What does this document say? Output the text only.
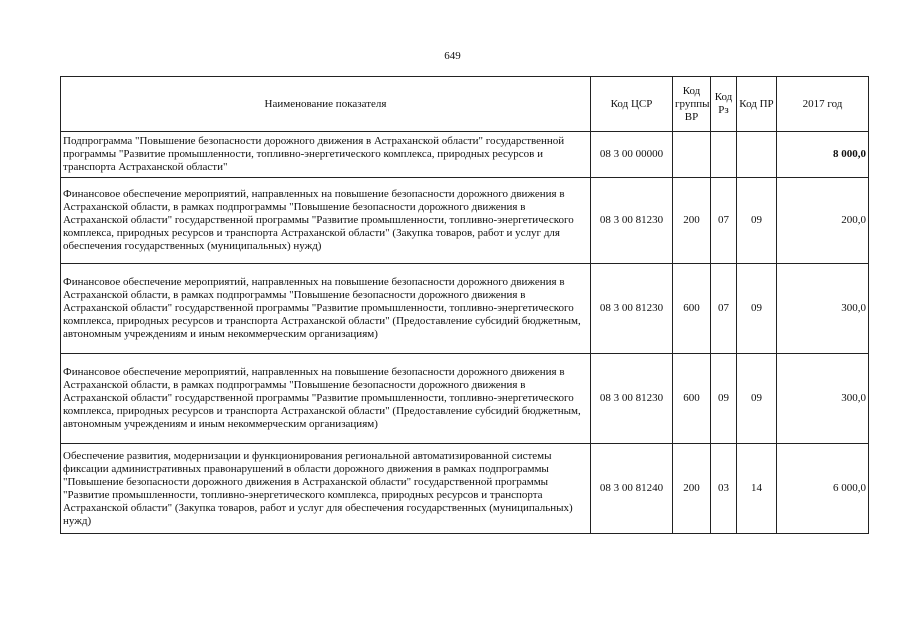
649
Наименование показателя	Код ЦСР	Код группы ВР	Код Рз	Код ПР	2017 год
Подпрограмма "Повышение безопасности дорожного движения в Астраханской области" государственной программы "Развитие промышленности, топливно-энергетического комплекса, природных ресурсов и транспорта Астраханской области"	08 3 00 00000				8 000,0
Финансовое обеспечение мероприятий, направленных на повышение безопасности дорожного движения в Астраханской области, в рамках подпрограммы "Повышение безопасности дорожного движения в Астраханской области" государственной программы "Развитие промышленности, топливно-энергетического комплекса, природных ресурсов и транспорта Астраханской области" (Закупка товаров, работ и услуг для обеспечения государственных (муниципальных) нужд)	08 3 00 81230	200	07	09	200,0
Финансовое обеспечение мероприятий, направленных на повышение безопасности дорожного движения в Астраханской области, в рамках подпрограммы "Повышение безопасности дорожного движения в Астраханской области" государственной программы "Развитие промышленности, топливно-энергетического комплекса, природных ресурсов и транспорта Астраханской области" (Предоставление субсидий бюджетным, автономным учреждениям и иным некоммерческим организациям)	08 3 00 81230	600	07	09	300,0
Финансовое обеспечение мероприятий, направленных на повышение безопасности дорожного движения в Астраханской области, в рамках подпрограммы "Повышение безопасности дорожного движения в Астраханской области" государственной программы "Развитие промышленности, топливно-энергетического комплекса, природных ресурсов и транспорта Астраханской области" (Предоставление субсидий бюджетным, автономным учреждениям и иным некоммерческим организациям)	08 3 00 81230	600	09	09	300,0
Обеспечение развития, модернизации и функционирования региональной автоматизированной системы фиксации административных правонарушений в области дорожного движения в рамках подпрограммы "Повышение безопасности дорожного движения в Астраханской области" государственной программы "Развитие промышленности, топливно-энергетического комплекса, природных ресурсов и транспорта Астраханской области" (Закупка товаров, работ и услуг для обеспечения государственных (муниципальных) нужд)	08 3 00 81240	200	03	14	6 000,0
